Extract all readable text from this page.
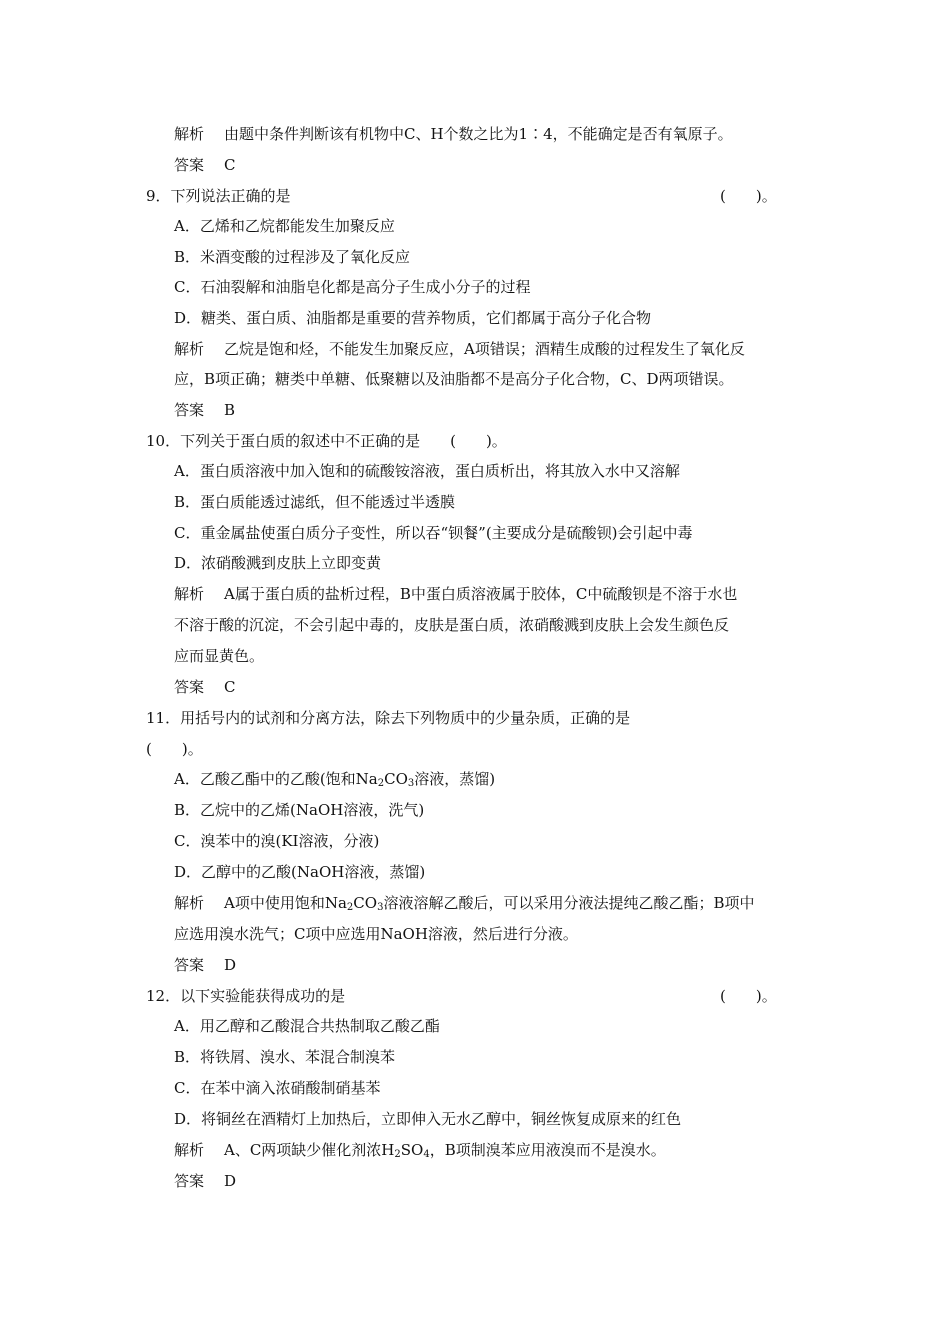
解析 由题中条件判断该有机物中C、H个数之比为1∶4，不能确定是否有氧原子。
答案 C
9．下列说法正确的是	(　　)。
A．乙烯和乙烷都能发生加聚反应
B．米酒变酸的过程涉及了氧化反应
C．石油裂解和油脂皂化都是高分子生成小分子的过程
D．糖类、蛋白质、油脂都是重要的营养物质，它们都属于高分子化合物
解析 乙烷是饱和烃，不能发生加聚反应，A项错误；酒精生成酸的过程发生了氧化反
应，B项正确；糖类中单糖、低聚糖以及油脂都不是高分子化合物，C、D两项错误。
答案 B
10．下列关于蛋白质的叙述中不正确的是　　(　　)。
A．蛋白质溶液中加入饱和的硫酸铵溶液，蛋白质析出，将其放入水中又溶解
B．蛋白质能透过滤纸，但不能透过半透膜
C．重金属盐使蛋白质分子变性，所以吞“钡餐”(主要成分是硫酸钡)会引起中毒
D．浓硝酸溅到皮肤上立即变黄
解析 A属于蛋白质的盐析过程，B中蛋白质溶液属于胶体，C中硫酸钡是不溶于水也
不溶于酸的沉淀，不会引起中毒的，皮肤是蛋白质，浓硝酸溅到皮肤上会发生颜色反
应而显黄色。
答案 C
11．用括号内的试剂和分离方法，除去下列物质中的少量杂质，正确的是
(　　)。
A．乙酸乙酯中的乙酸(饱和$Na_2CO_3$溶液，蒸馏)
B．乙烷中的乙烯(NaOH溶液，洗气)
C．溴苯中的溴(KI溶液，分液)
D．乙醇中的乙酸(NaOH溶液，蒸馏)
解析 A项中使用饱和$Na_2CO_3$溶液溶解乙酸后，可以采用分液法提纯乙酸乙酯；B项中
应选用溴水洗气；C项中应选用NaOH溶液，然后进行分液。
答案 D
12．以下实验能获得成功的是	(　　)。
A．用乙醇和乙酸混合共热制取乙酸乙酯
B．将铁屑、溴水、苯混合制溴苯
C．在苯中滴入浓硝酸制硝基苯
D．将铜丝在酒精灯上加热后，立即伸入无水乙醇中，铜丝恢复成原来的红色
解析 A、C两项缺少催化剂浓$H_2SO_4$，B项制溴苯应用液溴而不是溴水。
答案 D
